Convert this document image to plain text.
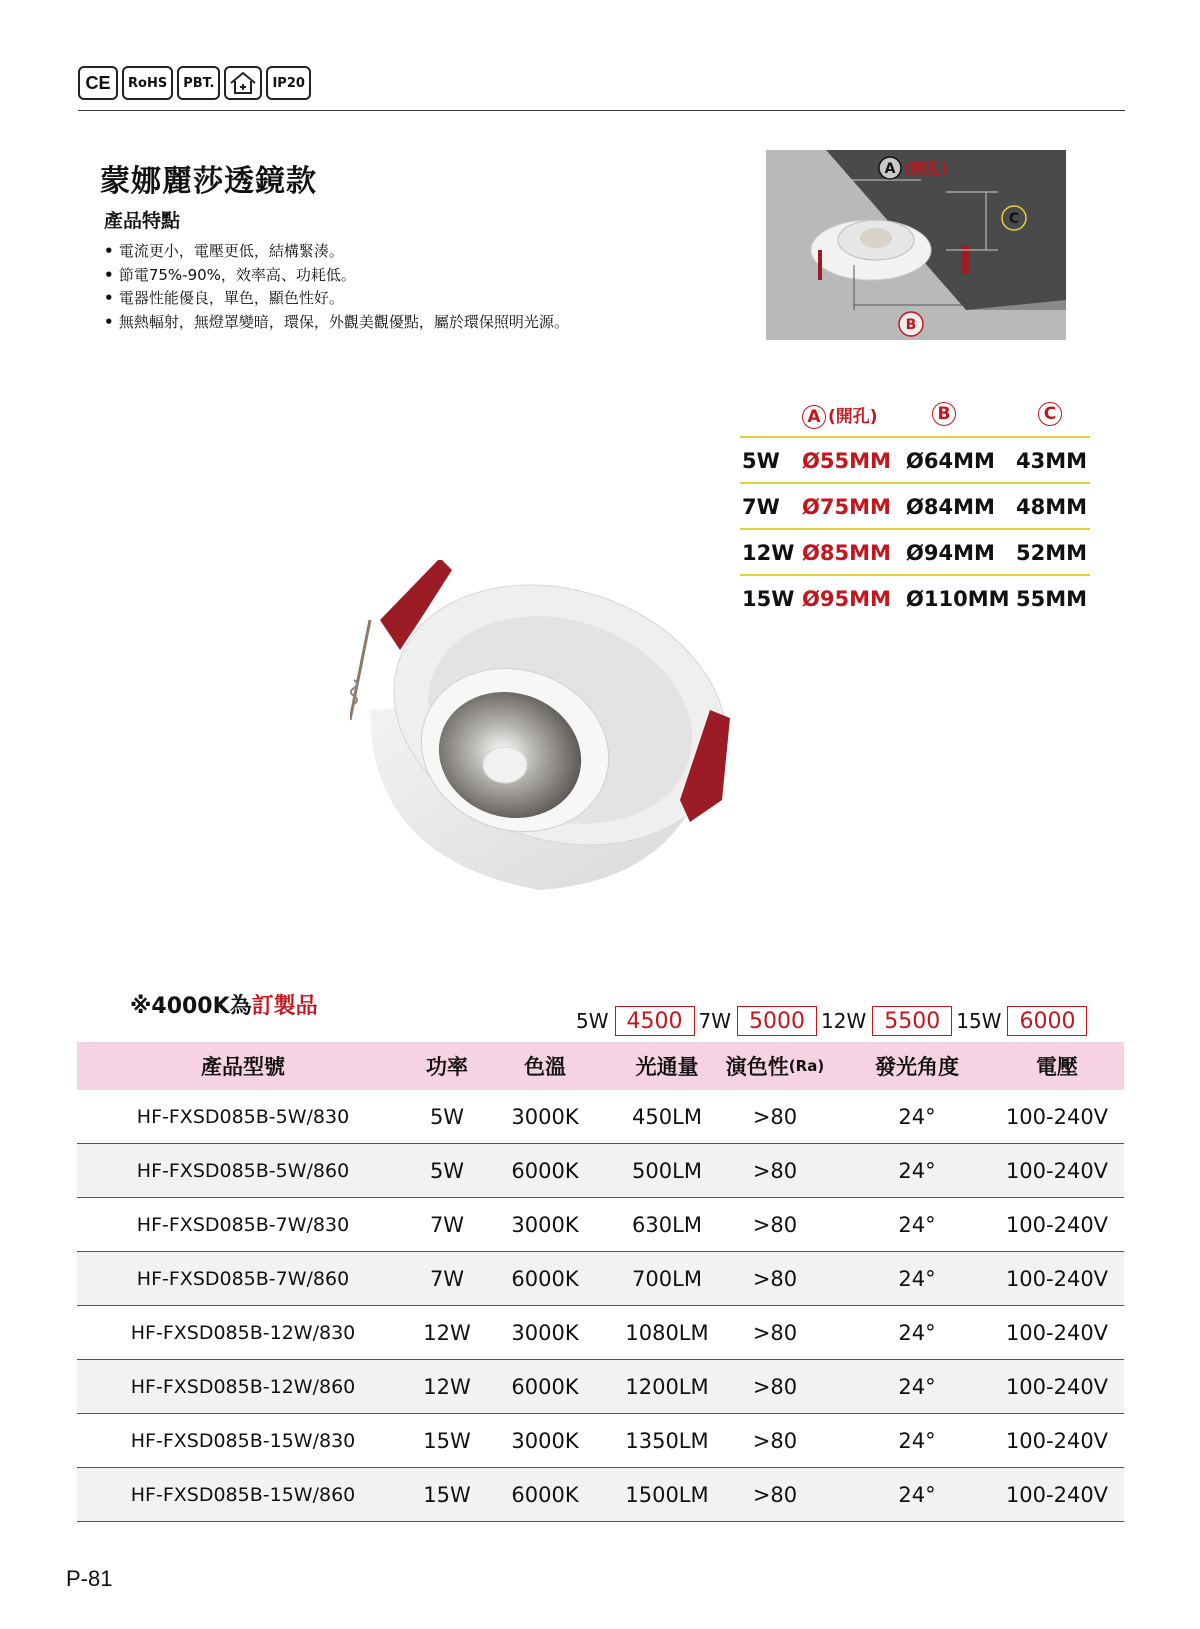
CE	RoHS	PBT.	IP20
蒙娜麗莎透鏡款
產品特點
• 電流更小，電壓更低，結構緊湊。
• 節電75%-90%，效率高、功耗低。
• 電器性能優良，單色，顯色性好。
• 無熱輻射，無燈罩變暗，環保，外觀美觀優點，屬於環保照明光源。
A (開孔)
C
B
A (開孔)	B	C
5W Ø55MM Ø64MM 43MM
7W Ø75MM Ø84MM 48MM
12W Ø85MM Ø94MM 52MM
15W Ø95MM Ø110MM 55MM
※4000K為訂製品
5W 4500 7W 5000 12W 5500 15W 6000
產品型號	功率	色溫	光通量	演色性 (Ra)	發光角度	電壓
HF-FXSD085B-5W/830	5W	3000K	450LM	>80	24°	100-240V
HF-FXSD085B-5W/860	5W	6000K	500LM	>80	24°	100-240V
HF-FXSD085B-7W/830	7W	3000K	630LM	>80	24°	100-240V
HF-FXSD085B-7W/860	7W	6000K	700LM	>80	24°	100-240V
HF-FXSD085B-12W/830	12W	3000K	1080LM	>80	24°	100-240V
HF-FXSD085B-12W/860	12W	6000K	1200LM	>80	24°	100-240V
HF-FXSD085B-15W/830	15W	3000K	1350LM	>80	24°	100-240V
HF-FXSD085B-15W/860	15W	6000K	1500LM	>80	24°	100-240V
P-81
